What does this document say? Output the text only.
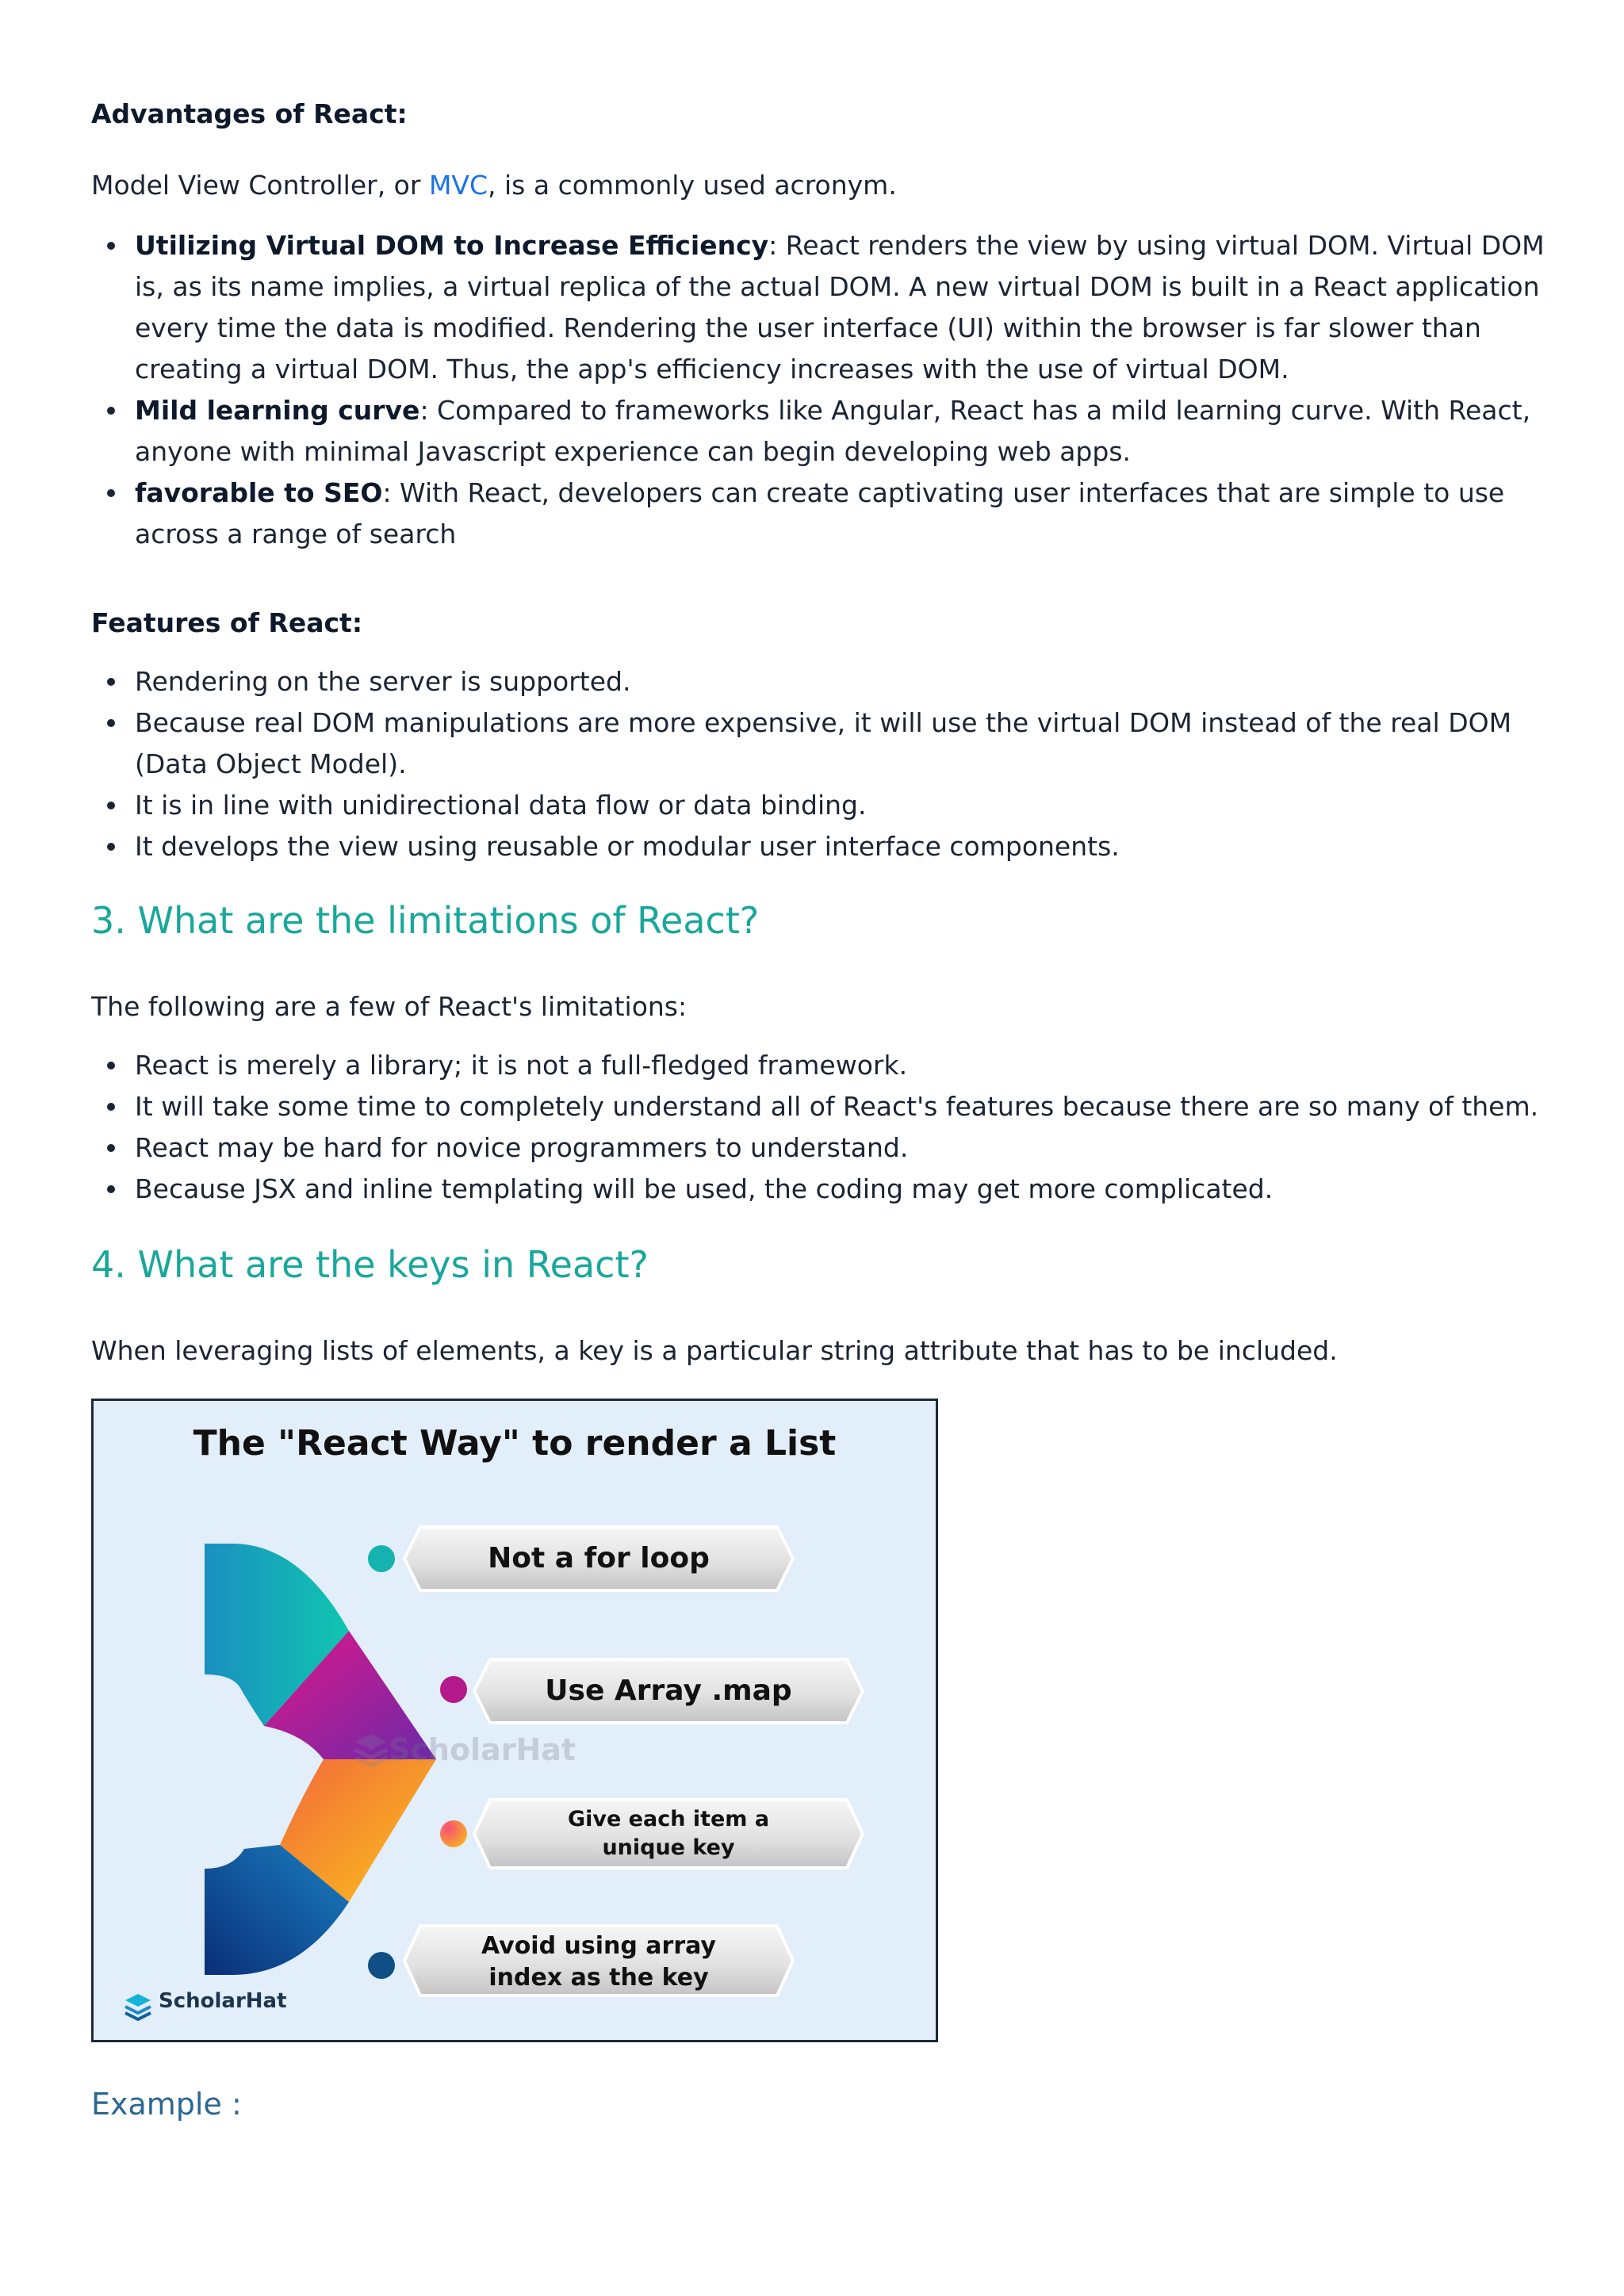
Advantages of React:

Model View Controller, or MVC, is a commonly used acronym.

Utilizing Virtual DOM to Increase Efficiency: React renders the view by using virtual DOM. Virtual DOM is, as its name implies, a virtual replica of the actual DOM. A new virtual DOM is built in a React application every time the data is modified. Rendering the user interface (UI) within the browser is far slower than creating a virtual DOM. Thus, the app's efficiency increases with the use of virtual DOM.
Mild learning curve: Compared to frameworks like Angular, React has a mild learning curve. With React, anyone with minimal Javascript experience can begin developing web apps.
favorable to SEO: With React, developers can create captivating user interfaces that are simple to use across a range of search

Features of React:

Rendering on the server is supported.
Because real DOM manipulations are more expensive, it will use the virtual DOM instead of the real DOM (Data Object Model).
It is in line with unidirectional data flow or data binding.
It develops the view using reusable or modular user interface components.
3. What are the limitations of React?

The following are a few of React's limitations:

React is merely a library; it is not a full-fledged framework.
It will take some time to completely understand all of React's features because there are so many of them.
React may be hard for novice programmers to understand.
Because JSX and inline templating will be used, the coding may get more complicated.
4. What are the keys in React?

When leveraging lists of elements, a key is a particular string attribute that has to be included.

The "React Way" to render a List
Not a for loop
Use Array .map
Give each item a
unique key
Avoid using array
index as the key
ScholarHat
ScholarHat

Example :
